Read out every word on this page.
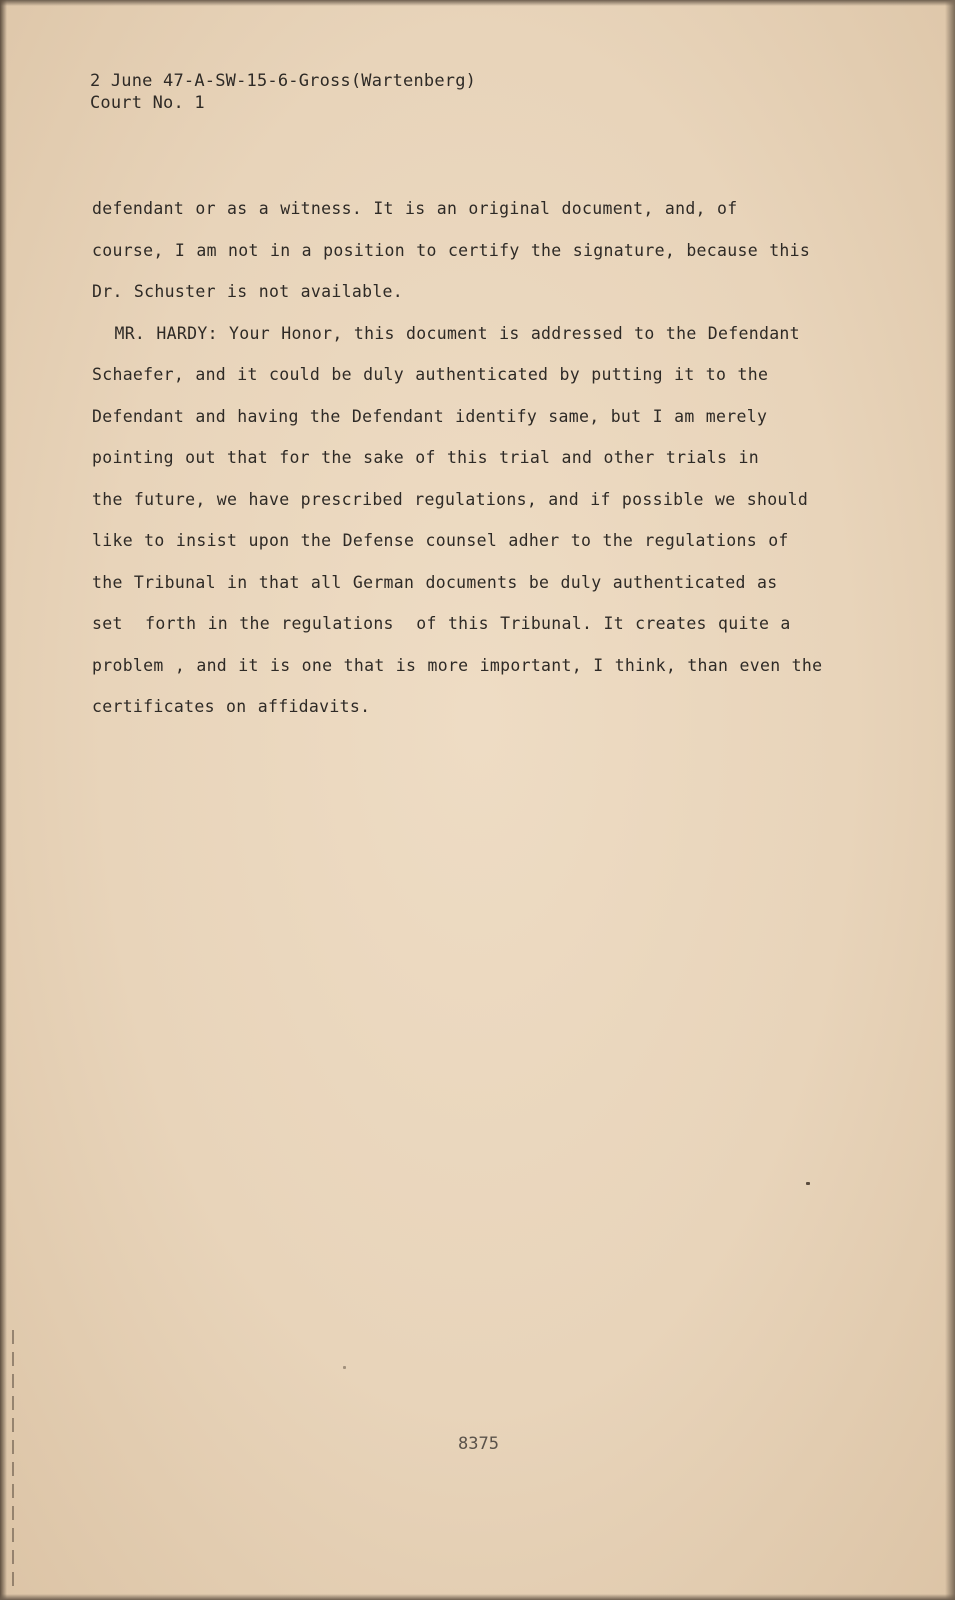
2 June 47-A-SW-15-6-Gross(Wartenberg)
Court No. 1
defendant or as a witness. It is an original document, and, of
course, I am not in a position to certify the signature, because this
Dr. Schuster is not available.
MR. HARDY: Your Honor, this document is addressed to the Defendant
Schaefer, and it could be duly authenticated by putting it to the
Defendant and having the Defendant identify same, but I am merely
pointing out that for the sake of this trial and other trials in
the future, we have prescribed regulations, and if possible we should
like to insist upon the Defense counsel adher to the regulations of
the Tribunal in that all German documents be duly authenticated as
set  forth in the regulations  of this Tribunal. It creates quite a
problem , and it is one that is more important, I think, than even the
certificates on affidavits.
8375
